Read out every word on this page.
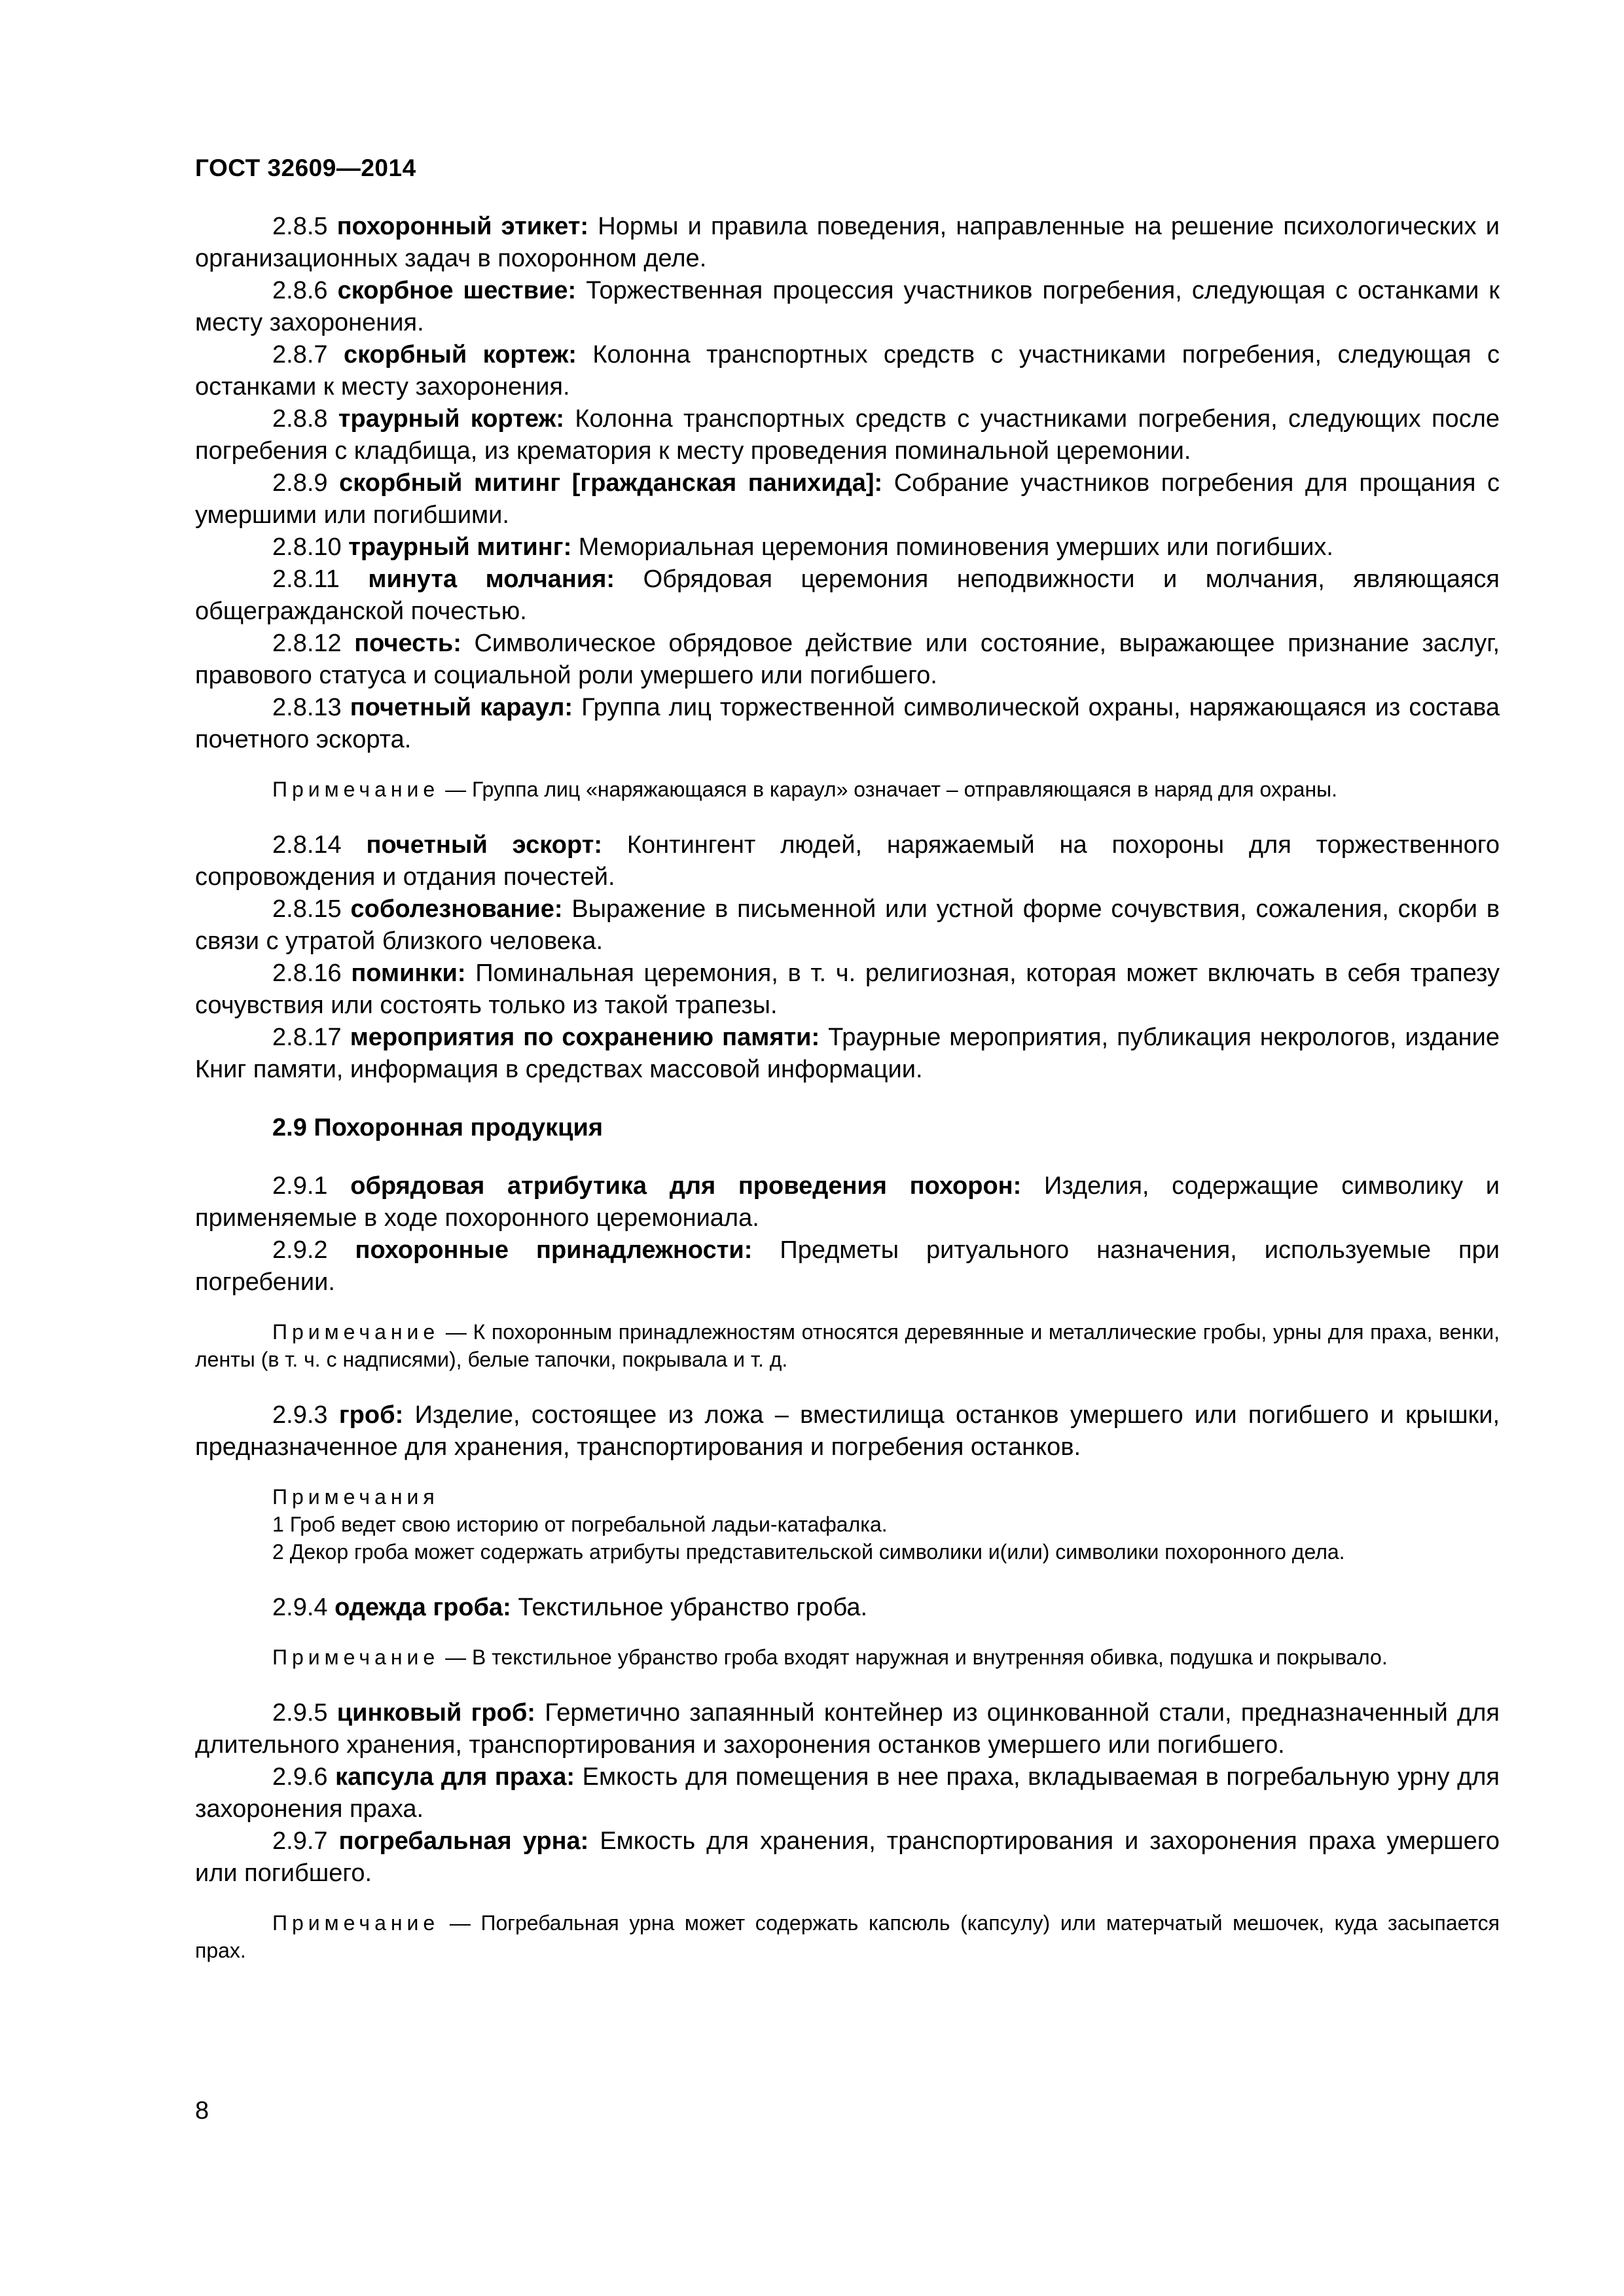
ГОСТ 32609—2014

2.8.5 похоронный этикет: Нормы и правила поведения, направленные на решение психологических и организационных задач в похоронном деле.

2.8.6 скорбное шествие: Торжественная процессия участников погребения, следующая с останками к месту захоронения.

2.8.7 скорбный кортеж: Колонна транспортных средств с участниками погребения, следующая с останками к месту захоронения.

2.8.8 траурный кортеж: Колонна транспортных средств с участниками погребения, следующих после погребения с кладбища, из крематория к месту проведения поминальной церемонии.

2.8.9 скорбный митинг [гражданская панихида]: Собрание участников погребения для прощания с умершими или погибшими.

2.8.10 траурный митинг: Мемориальная церемония поминовения умерших или погибших.

2.8.11 минута молчания: Обрядовая церемония неподвижности и молчания, являющаяся общегражданской почестью.

2.8.12 почесть: Символическое обрядовое действие или состояние, выражающее признание заслуг, правового статуса и социальной роли умершего или погибшего.

2.8.13 почетный караул: Группа лиц торжественной символической охраны, наряжающаяся из состава почетного эскорта.

Примечание — Группа лиц «наряжающаяся в караул» означает – отправляющаяся в наряд для охраны.

2.8.14 почетный эскорт: Контингент людей, наряжаемый на похороны для торжественного сопровождения и отдания почестей.

2.8.15 соболезнование: Выражение в письменной или устной форме сочувствия, сожаления, скорби в связи с утратой близкого человека.

2.8.16 поминки: Поминальная церемония, в т. ч. религиозная, которая может включать в себя трапезу сочувствия или состоять только из такой трапезы.

2.8.17 мероприятия по сохранению памяти: Траурные мероприятия, публикация некрологов, издание Книг памяти, информация в средствах массовой информации.

2.9 Похоронная продукция

2.9.1 обрядовая атрибутика для проведения похорон: Изделия, содержащие символику и применяемые в ходе похоронного церемониала.

2.9.2 похоронные принадлежности: Предметы ритуального назначения, используемые при погребении.

Примечание — К похоронным принадлежностям относятся деревянные и металлические гробы, урны для праха, венки, ленты (в т. ч. с надписями), белые тапочки, покрывала и т. д.

2.9.3 гроб: Изделие, состоящее из ложа – вместилища останков умершего или погибшего и крышки, предназначенное для хранения, транспортирования и погребения останков.

Примечания

1 Гроб ведет свою историю от погребальной ладьи-катафалка.

2 Декор гроба может содержать атрибуты представительской символики и(или) символики похоронного дела.

2.9.4 одежда гроба: Текстильное убранство гроба.

Примечание — В текстильное убранство гроба входят наружная и внутренняя обивка, подушка и покрывало.

2.9.5 цинковый гроб: Герметично запаянный контейнер из оцинкованной стали, предназначенный для длительного хранения, транспортирования и захоронения останков умершего или погибшего.

2.9.6 капсула для праха: Емкость для помещения в нее праха, вкладываемая в погребальную урну для захоронения праха.

2.9.7 погребальная урна: Емкость для хранения, транспортирования и захоронения праха умершего или погибшего.

Примечание — Погребальная урна может содержать капсюль (капсулу) или матерчатый мешочек, куда засыпается прах.

8
